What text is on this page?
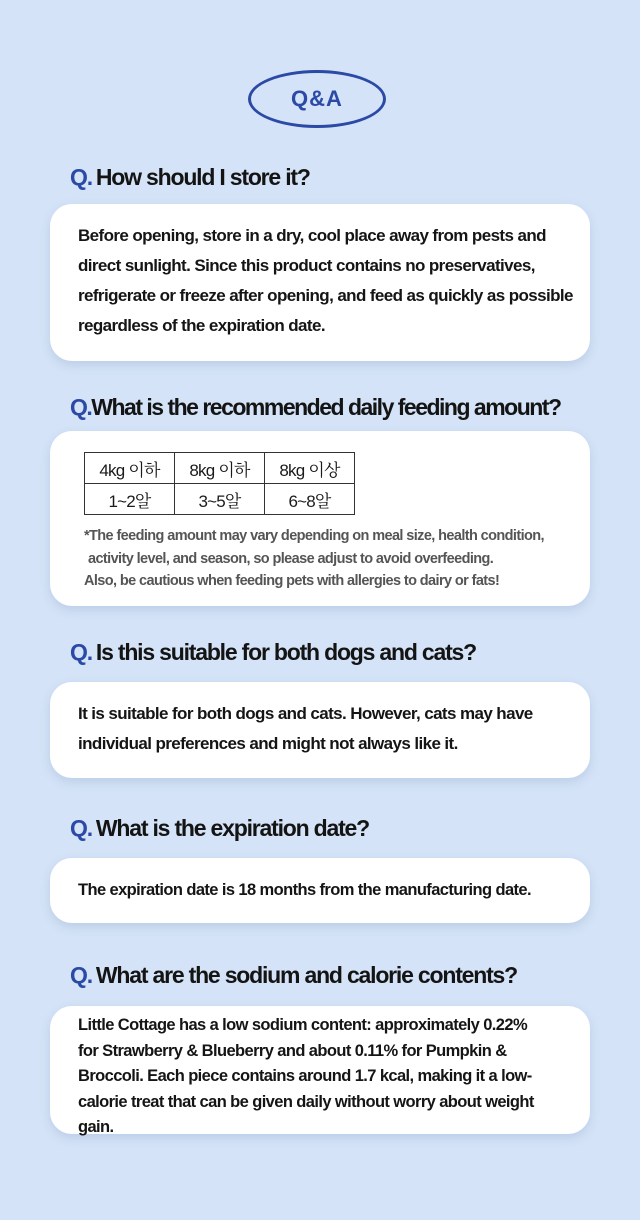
Q&A
Q. How should I store it?
Before opening, store in a dry, cool place away from pests and direct sunlight. Since this product contains no preservatives, refrigerate or freeze after opening, and feed as quickly as possible regardless of the expiration date.
Q.What is the recommended daily feeding amount?
4kg 이하	8kg 이하	8kg 이상
1~2알	3~5알	6~8알
*The feeding amount may vary depending on meal size, health condition,
activity level, and season, so please adjust to avoid overfeeding.
Also, be cautious when feeding pets with allergies to dairy or fats!
Q. Is this suitable for both dogs and cats?
It is suitable for both dogs and cats. However, cats may have individual preferences and might not always like it.
Q. What is the expiration date?
The expiration date is 18 months from the manufacturing date.
Q. What are the sodium and calorie contents?
Little Cottage has a low sodium content: approximately 0.22% for Strawberry & Blueberry and about 0.11% for Pumpkin & Broccoli. Each piece contains around 1.7 kcal, making it a low-calorie treat that can be given daily without worry about weight gain.
